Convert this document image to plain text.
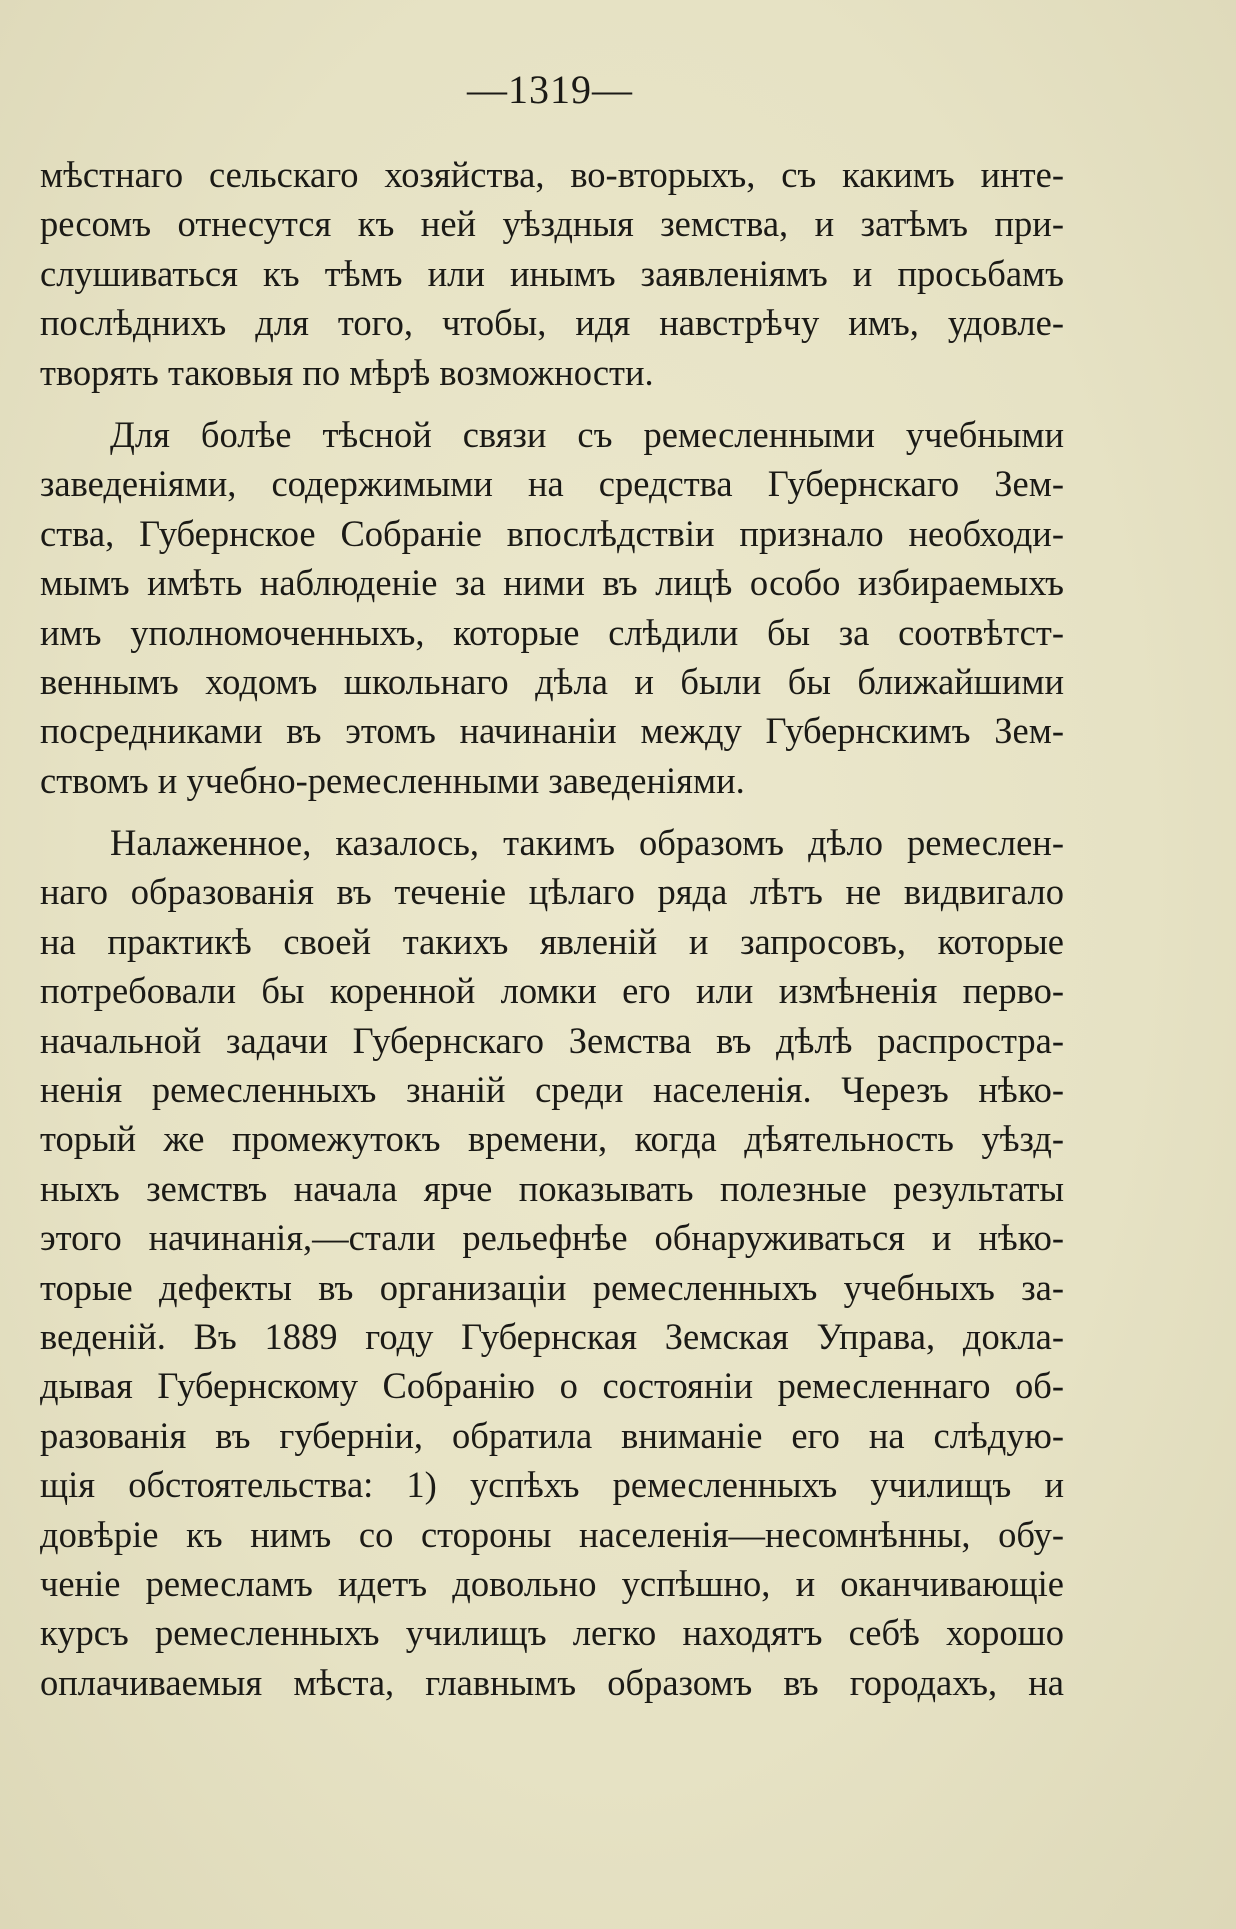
—1319—
мѣстнаго сельскаго хозяйства, во-вторыхъ, съ какимъ инте-
ресомъ отнесутся къ ней уѣздныя земства, и затѣмъ при-
слушиваться къ тѣмъ или инымъ заявленіямъ и просьбамъ
послѣднихъ для того, чтобы, идя навстрѣчу имъ, удовле-
творять таковыя по мѣрѣ возможности.
Для болѣе тѣсной связи съ ремесленными учебными
заведеніями, содержимыми на средства Губернскаго Зем-
ства, Губернское Собраніе впослѣдствіи признало необходи-
мымъ имѣть наблюденіе за ними въ лицѣ особо избираемыхъ
имъ уполномоченныхъ, которые слѣдили бы за соотвѣтст-
веннымъ ходомъ школьнаго дѣла и были бы ближайшими
посредниками въ этомъ начинаніи между Губернскимъ Зем-
ствомъ и учебно-ремесленными заведеніями.
Налаженное, казалось, такимъ образомъ дѣло ремеслен-
наго образованія въ теченіе цѣлаго ряда лѣтъ не видвигало
на практикѣ своей такихъ явленій и запросовъ, которые
потребовали бы коренной ломки его или измѣненія перво-
начальной задачи Губернскаго Земства въ дѣлѣ распростра-
ненія ремесленныхъ знаній среди населенія. Черезъ нѣко-
торый же промежутокъ времени, когда дѣятельность уѣзд-
ныхъ земствъ начала ярче показывать полезные результаты
этого начинанія,—стали рельефнѣе обнаруживаться и нѣко-
торые дефекты въ организаціи ремесленныхъ учебныхъ за-
веденій. Въ 1889 году Губернская Земская Управа, докла-
дывая Губернскому Собранію о состояніи ремесленнаго об-
разованія въ губерніи, обратила вниманіе его на слѣдую-
щія обстоятельства: 1) успѣхъ ремесленныхъ училищъ и
довѣріе къ нимъ со стороны населенія—несомнѣнны, обу-
ченіе ремесламъ идетъ довольно успѣшно, и оканчивающіе
курсъ ремесленныхъ училищъ легко находятъ себѣ хорошо
оплачиваемыя мѣста, главнымъ образомъ въ городахъ, на
